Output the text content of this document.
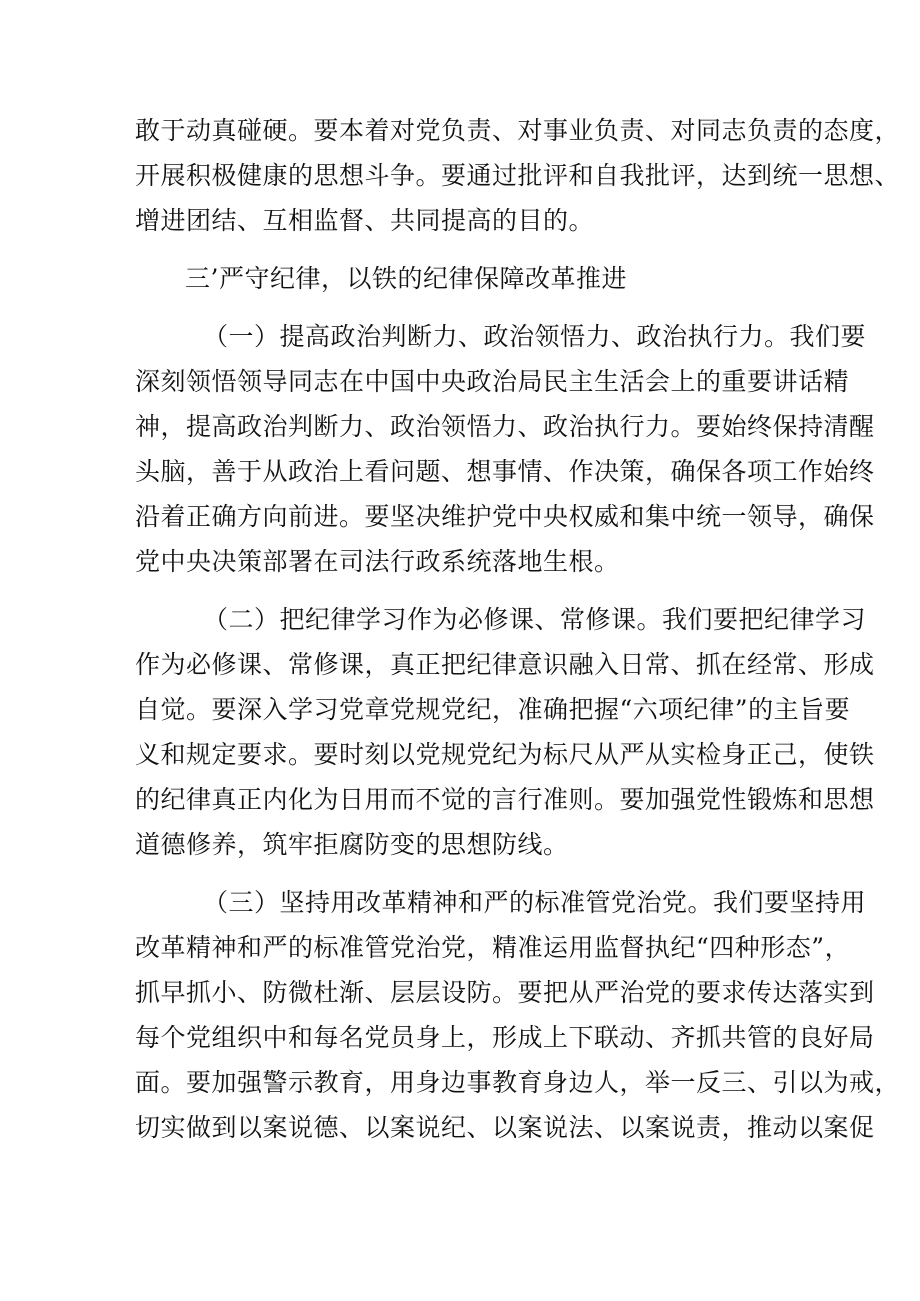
敢于动真碰硬。要本着对党负责、对事业负责、对同志负责的态度，
开展积极健康的思想斗争。要通过批评和自我批评，达到统一思想、
增进团结、互相监督、共同提高的目的。
三’严守纪律，以铁的纪律保障改革推进
（一）提高政治判断力、政治领悟力、政治执行力。我们要
深刻领悟领导同志在中国中央政治局民主生活会上的重要讲话精
神，提高政治判断力、政治领悟力、政治执行力。要始终保持清醒
头脑，善于从政治上看问题、想事情、作决策，确保各项工作始终
沿着正确方向前进。要坚决维护党中央权威和集中统一领导，确保
党中央决策部署在司法行政系统落地生根。
（二）把纪律学习作为必修课、常修课。我们要把纪律学习
作为必修课、常修课，真正把纪律意识融入日常、抓在经常、形成
自觉。要深入学习党章党规党纪，准确把握“六项纪律”的主旨要
义和规定要求。要时刻以党规党纪为标尺从严从实检身正己，使铁
的纪律真正内化为日用而不觉的言行准则。要加强党性锻炼和思想
道德修养，筑牢拒腐防变的思想防线。
（三）坚持用改革精神和严的标准管党治党。我们要坚持用
改革精神和严的标准管党治党，精准运用监督执纪“四种形态”，
抓早抓小、防微杜渐、层层设防。要把从严治党的要求传达落实到
每个党组织中和每名党员身上，形成上下联动、齐抓共管的良好局
面。要加强警示教育，用身边事教育身边人，举一反三、引以为戒，
切实做到以案说德、以案说纪、以案说法、以案说责，推动以案促
